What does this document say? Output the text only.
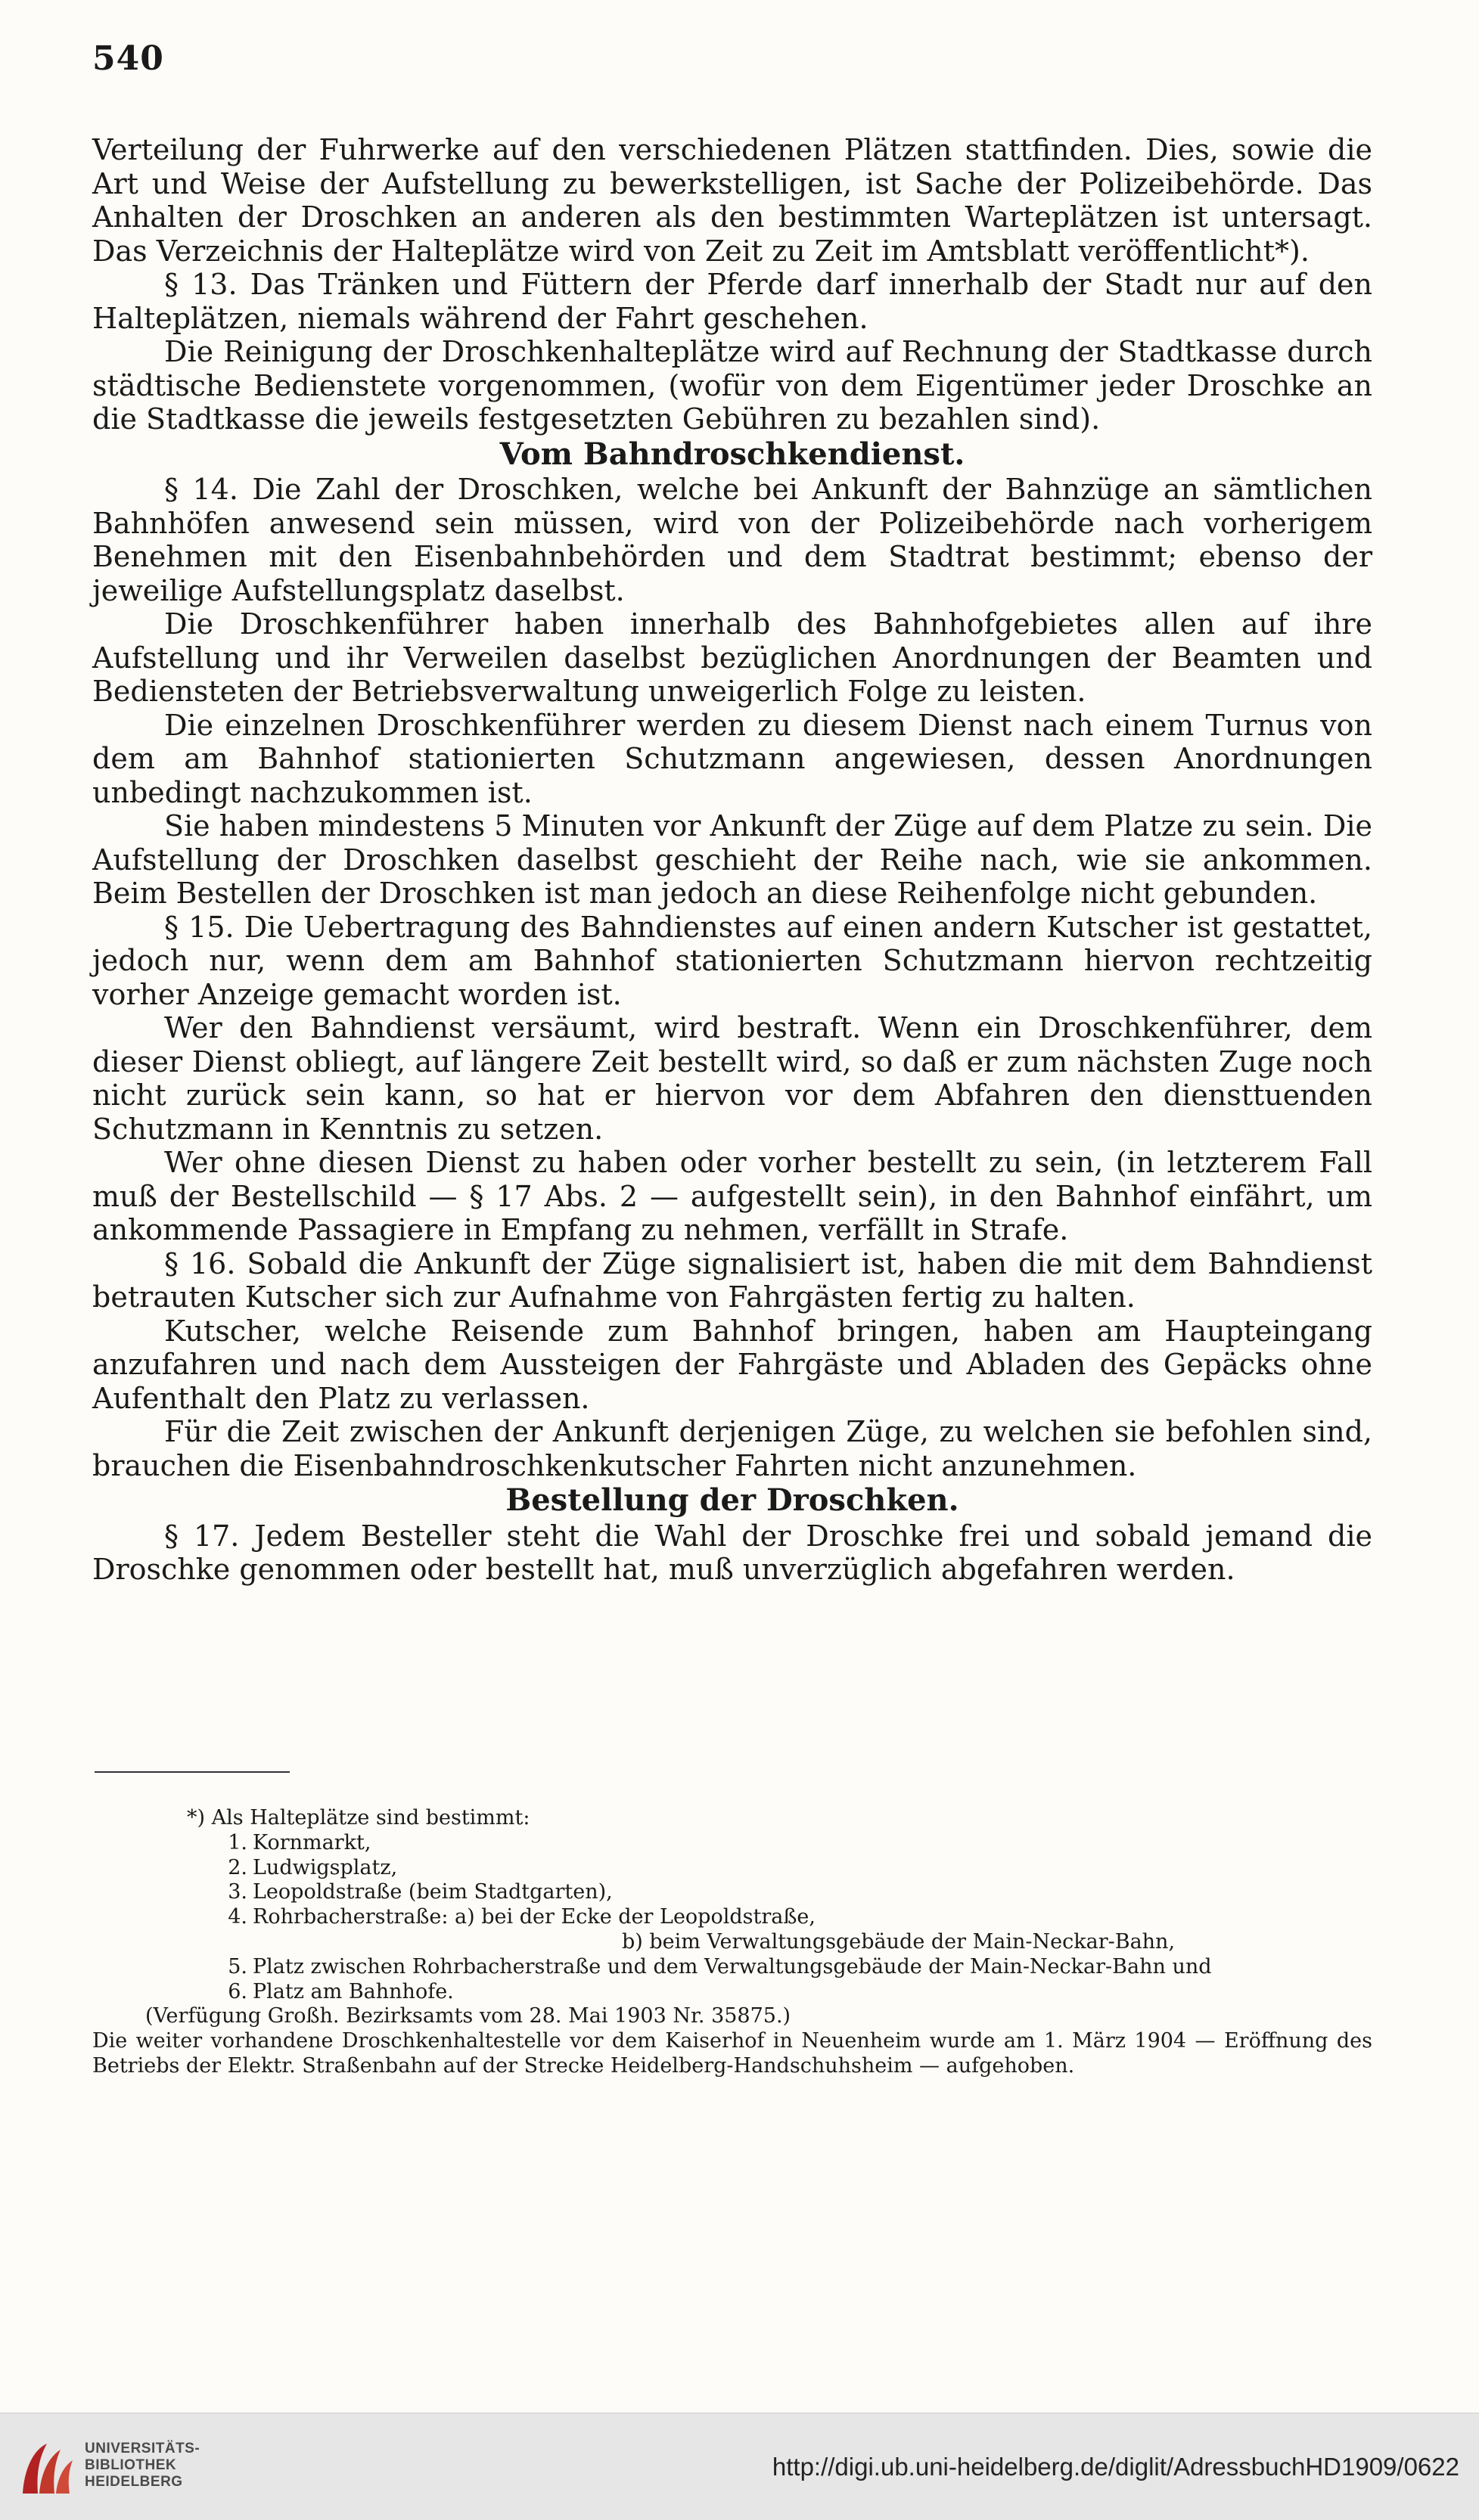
540

Verteilung der Fuhrwerke auf den verschiedenen Plätzen stattfinden. Dies, sowie die Art und Weise der Aufstellung zu bewerkstelligen, ist Sache der Polizeibehörde. Das Anhalten der Droschken an anderen als den bestimmten Warteplätzen ist untersagt. Das Verzeichnis der Halteplätze wird von Zeit zu Zeit im Amtsblatt veröffentlicht*).

§ 13. Das Tränken und Füttern der Pferde darf innerhalb der Stadt nur auf den Halteplätzen, niemals während der Fahrt geschehen.

Die Reinigung der Droschkenhalteplätze wird auf Rechnung der Stadtkasse durch städtische Bedienstete vorgenommen, (wofür von dem Eigentümer jeder Droschke an die Stadtkasse die jeweils festgesetzten Gebühren zu bezahlen sind).

Vom Bahndroschkendienst.

§ 14. Die Zahl der Droschken, welche bei Ankunft der Bahnzüge an sämtlichen Bahnhöfen anwesend sein müssen, wird von der Polizeibehörde nach vorherigem Benehmen mit den Eisenbahnbehörden und dem Stadtrat bestimmt; ebenso der jeweilige Aufstellungsplatz daselbst.

Die Droschkenführer haben innerhalb des Bahnhofgebietes allen auf ihre Aufstellung und ihr Verweilen daselbst bezüglichen Anordnungen der Beamten und Bediensteten der Betriebsverwaltung unweigerlich Folge zu leisten.

Die einzelnen Droschkenführer werden zu diesem Dienst nach einem Turnus von dem am Bahnhof stationierten Schutzmann angewiesen, dessen Anordnungen unbedingt nachzukommen ist.

Sie haben mindestens 5 Minuten vor Ankunft der Züge auf dem Platze zu sein. Die Aufstellung der Droschken daselbst geschieht der Reihe nach, wie sie ankommen. Beim Bestellen der Droschken ist man jedoch an diese Reihenfolge nicht gebunden.

§ 15. Die Uebertragung des Bahndienstes auf einen andern Kutscher ist gestattet, jedoch nur, wenn dem am Bahnhof stationierten Schutzmann hiervon rechtzeitig vorher Anzeige gemacht worden ist.

Wer den Bahndienst versäumt, wird bestraft. Wenn ein Droschkenführer, dem dieser Dienst obliegt, auf längere Zeit bestellt wird, so daß er zum nächsten Zuge noch nicht zurück sein kann, so hat er hiervon vor dem Abfahren den diensttuenden Schutzmann in Kenntnis zu setzen.

Wer ohne diesen Dienst zu haben oder vorher bestellt zu sein, (in letzterem Fall muß der Bestellschild — § 17 Abs. 2 — aufgestellt sein), in den Bahnhof einfährt, um ankommende Passagiere in Empfang zu nehmen, verfällt in Strafe.

§ 16. Sobald die Ankunft der Züge signalisiert ist, haben die mit dem Bahndienst betrauten Kutscher sich zur Aufnahme von Fahrgästen fertig zu halten.

Kutscher, welche Reisende zum Bahnhof bringen, haben am Haupteingang anzufahren und nach dem Aussteigen der Fahrgäste und Abladen des Gepäcks ohne Aufenthalt den Platz zu verlassen.

Für die Zeit zwischen der Ankunft derjenigen Züge, zu welchen sie befohlen sind, brauchen die Eisenbahndroschkenkutscher Fahrten nicht anzunehmen.

Bestellung der Droschken.

§ 17. Jedem Besteller steht die Wahl der Droschke frei und sobald jemand die Droschke genommen oder bestellt hat, muß unverzüglich abgefahren werden.

*) Als Halteplätze sind bestimmt:
1. Kornmarkt,
2. Ludwigsplatz,
3. Leopoldstraße (beim Stadtgarten),
4. Rohrbacherstraße: a) bei der Ecke der Leopoldstraße,
b) beim Verwaltungsgebäude der Main-Neckar-Bahn,
5. Platz zwischen Rohrbacherstraße und dem Verwaltungsgebäude der Main-Neckar-Bahn und
6. Platz am Bahnhofe.
(Verfügung Großh. Bezirksamts vom 28. Mai 1903 Nr. 35875.)
Die weiter vorhandene Droschkenhaltestelle vor dem Kaiserhof in Neuenheim wurde am 1. März 1904 — Eröffnung des Betriebs der Elektr. Straßenbahn auf der Strecke Heidelberg-Handschuhsheim — aufgehoben.
UNIVERSITÄTS-
BIBLIOTHEK
HEIDELBERG
http://digi.ub.uni-heidelberg.de/diglit/AdressbuchHD1909/0622
